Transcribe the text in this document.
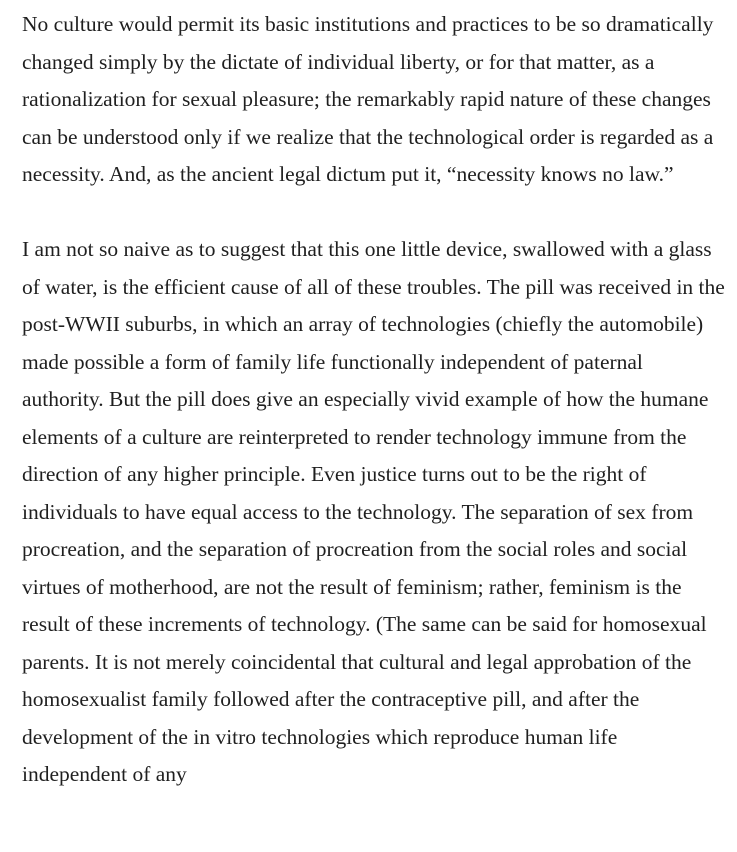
No culture would permit its basic institutions and practices to be so dramatically changed simply by the dictate of individual liberty, or for that matter, as a rationalization for sexual pleasure; the remarkably rapid nature of these changes can be understood only if we realize that the technological order is regarded as a necessity. And, as the ancient legal dictum put it, “necessity knows no law.”

I am not so naive as to suggest that this one little device, swallowed with a glass of water, is the efficient cause of all of these troubles. The pill was received in the post-WWII suburbs, in which an array of technologies (chiefly the automobile) made possible a form of family life functionally independent of paternal authority. But the pill does give an especially vivid example of how the humane elements of a culture are reinterpreted to render technology immune from the direction of any higher principle. Even justice turns out to be the right of individuals to have equal access to the technology. The separation of sex from procreation, and the separation of procreation from the social roles and social virtues of motherhood, are not the result of feminism; rather, feminism is the result of these increments of technology. (The same can be said for homosexual parents. It is not merely coincidental that cultural and legal approbation of the homosexualist family followed after the contraceptive pill, and after the development of the in vitro technologies which reproduce human life independent of any
